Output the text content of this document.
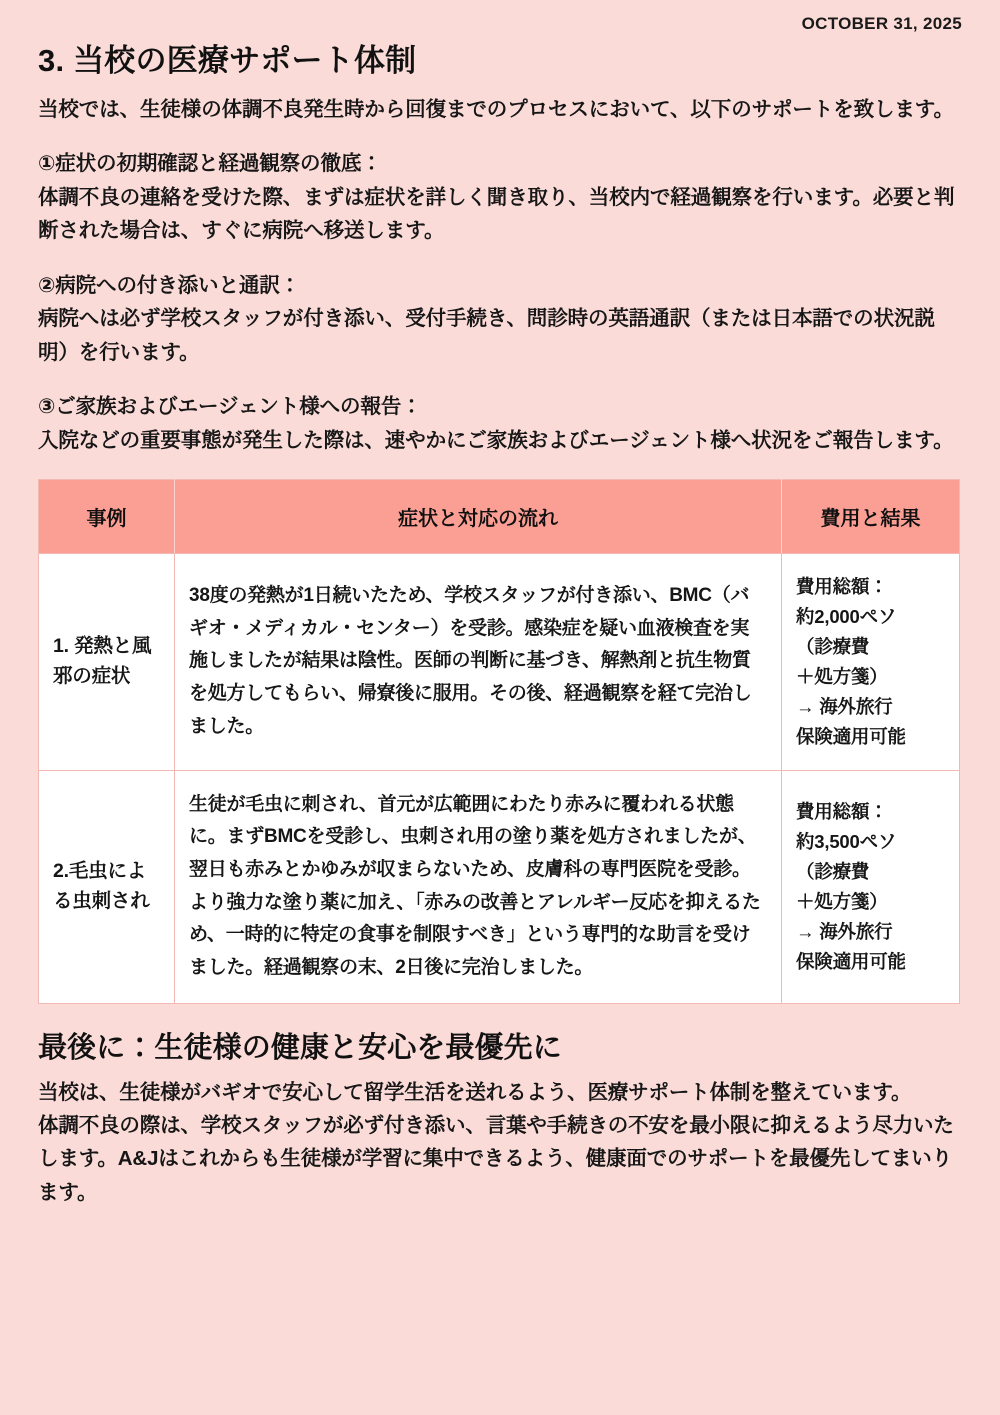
OCTOBER 31, 2025
3. 当校の医療サポート体制

当校では、生徒様の体調不良発生時から回復までのプロセスにおいて、以下のサポートを致します。

①症状の初期確認と経過観察の徹底：

体調不良の連絡を受けた際、まずは症状を詳しく聞き取り、当校内で経過観察を行います。必要と判断された場合は、すぐに病院へ移送します。

②病院への付き添いと通訳：

病院へは必ず学校スタッフが付き添い、受付手続き、問診時の英語通訳（または日本語での状況説明）を行います。

③ご家族およびエージェント様への報告：

入院などの重要事態が発生した際は、速やかにご家族およびエージェント様へ状況をご報告します。

事例	症状と対応の流れ	費用と結果
1. 発熱と風邪の症状	38度の発熱が1日続いたため、学校スタッフが付き添い、BMC（バギオ・メディカル・センター）を受診。感染症を疑い血液検査を実施しましたが結果は陰性。医師の判断に基づき、解熱剤と抗生物質を処方してもらい、帰寮後に服用。その後、経過観察を経て完治しました。	費用総額：
約2,000ペソ
（診療費
＋処方箋）
→ 海外旅行
保険適用可能
2.毛虫による虫刺され	生徒が毛虫に刺され、首元が広範囲にわたり赤みに覆われる状態に。まずBMCを受診し、虫刺され用の塗り薬を処方されましたが、翌日も赤みとかゆみが収まらないため、皮膚科の専門医院を受診。より強力な塗り薬に加え、「赤みの改善とアレルギー反応を抑えるため、一時的に特定の食事を制限すべき」という専門的な助言を受けました。経過観察の末、2日後に完治しました。	費用総額：
約3,500ペソ
（診療費
＋処方箋）
→ 海外旅行
保険適用可能
最後に：生徒様の健康と安心を最優先に

当校は、生徒様がバギオで安心して留学生活を送れるよう、医療サポート体制を整えています。

体調不良の際は、学校スタッフが必ず付き添い、言葉や手続きの不安を最小限に抑えるよう尽力いたします。A&Jはこれからも生徒様が学習に集中できるよう、健康面でのサポートを最優先してまいります。
